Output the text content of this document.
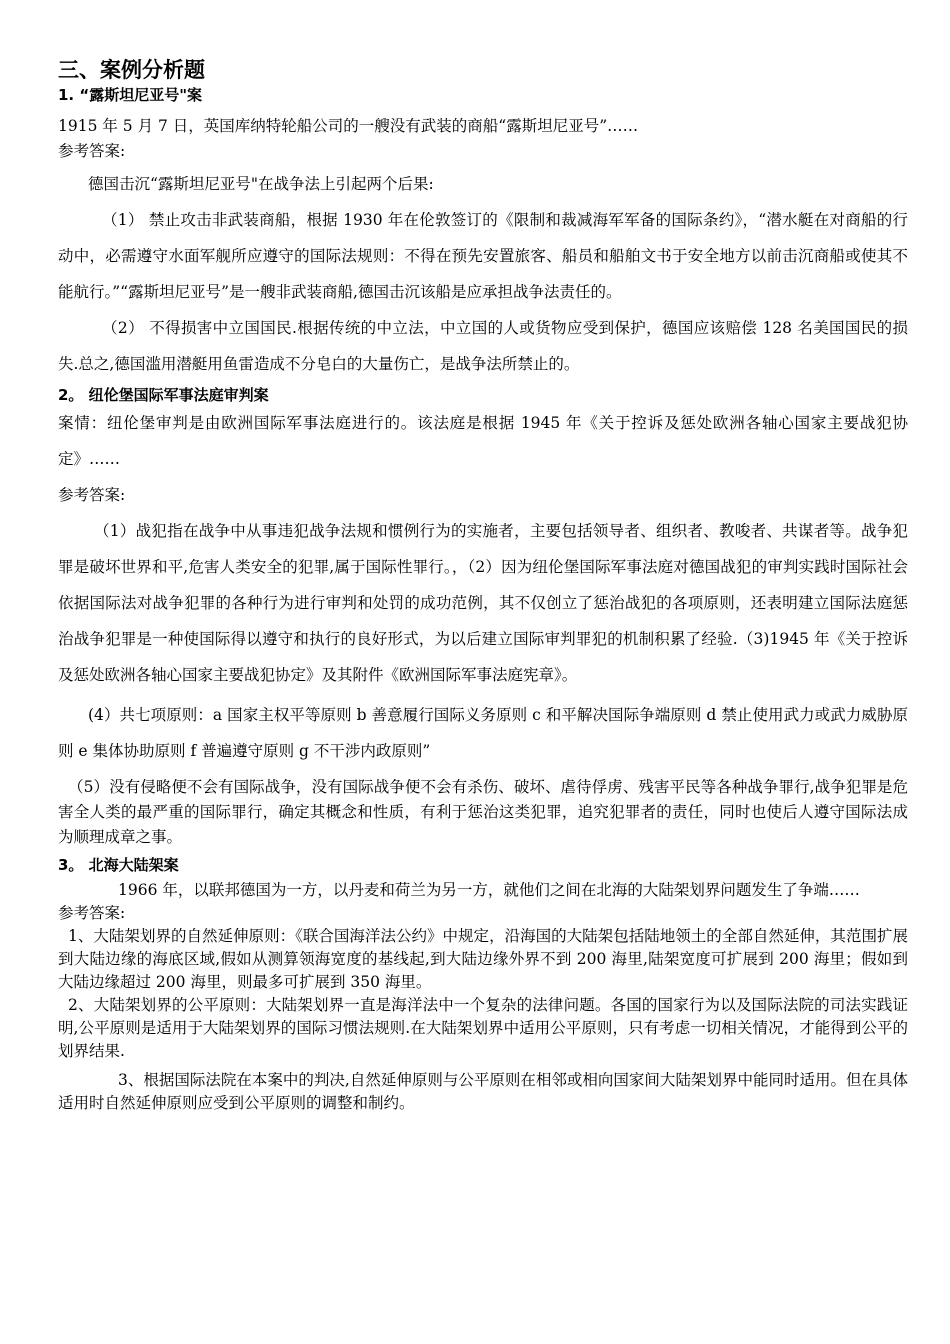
三、案例分析题
1. “露斯坦尼亚号"案
1915 年 5 月 7 日，英国库纳特轮船公司的一艘没有武装的商船“露斯坦尼亚号”……
参考答案:
德国击沉“露斯坦尼亚号"在战争法上引起两个后果:
（1） 禁止攻击非武装商船，根据 1930 年在伦敦签订的《限制和裁减海军军备的国际条约》，“潜水艇在对商船的行动中，必需遵守水面军舰所应遵守的国际法规则：不得在预先安置旅客、船员和船舶文书于安全地方以前击沉商船或使其不能航行。”“露斯坦尼亚号”是一艘非武装商船,德国击沉该船是应承担战争法责任的。
（2） 不得损害中立国国民.根据传统的中立法，中立国的人或货物应受到保护，德国应该赔偿 128 名美国国民的损失.总之,德国滥用潜艇用鱼雷造成不分皂白的大量伤亡，是战争法所禁止的。
2。 纽伦堡国际军事法庭审判案
案情：纽伦堡审判是由欧洲国际军事法庭进行的。该法庭是根据 1945 年《关于控诉及惩处欧洲各轴心国家主要战犯协定》……
参考答案:
（1）战犯指在战争中从事违犯战争法规和惯例行为的实施者，主要包括领导者、组织者、教唆者、共谋者等。战争犯罪是破坏世界和平,危害人类安全的犯罪,属于国际性罪行。，（2）因为纽伦堡国际军事法庭对德国战犯的审判实践时国际社会依据国际法对战争犯罪的各种行为进行审判和处罚的成功范例，其不仅创立了惩治战犯的各项原则，还表明建立国际法庭惩治战争犯罪是一种使国际得以遵守和执行的良好形式，为以后建立国际审判罪犯的机制积累了经验.（3)1945 年《关于控诉及惩处欧洲各轴心国家主要战犯协定》及其附件《欧洲国际军事法庭宪章》。
(4）共七项原则：a 国家主权平等原则 b 善意履行国际义务原则 c 和平解决国际争端原则 d 禁止使用武力或武力威胁原则 e 集体协助原则 f 普遍遵守原则 g 不干涉内政原则”
（5）没有侵略便不会有国际战争，没有国际战争便不会有杀伤、破坏、虐待俘虏、残害平民等各种战争罪行,战争犯罪是危害全人类的最严重的国际罪行，确定其概念和性质，有利于惩治这类犯罪，追究犯罪者的责任，同时也使后人遵守国际法成为顺理成章之事。
3。 北海大陆架案
1966 年，以联邦德国为一方，以丹麦和荷兰为另一方，就他们之间在北海的大陆架划界问题发生了争端……
参考答案:
1、大陆架划界的自然延伸原则：《联合国海洋法公约》中规定，沿海国的大陆架包括陆地领土的全部自然延伸，其范围扩展到大陆边缘的海底区域,假如从测算领海宽度的基线起,到大陆边缘外界不到 200 海里,陆架宽度可扩展到 200 海里；假如到大陆边缘超过 200 海里，则最多可扩展到 350 海里。
2、大陆架划界的公平原则：大陆架划界一直是海洋法中一个复杂的法律问题。各国的国家行为以及国际法院的司法实践证明,公平原则是适用于大陆架划界的国际习惯法规则.在大陆架划界中适用公平原则，只有考虑一切相关情况，才能得到公平的划界结果.
3、根据国际法院在本案中的判决,自然延伸原则与公平原则在相邻或相向国家间大陆架划界中能同时适用。但在具体适用时自然延伸原则应受到公平原则的调整和制约。
